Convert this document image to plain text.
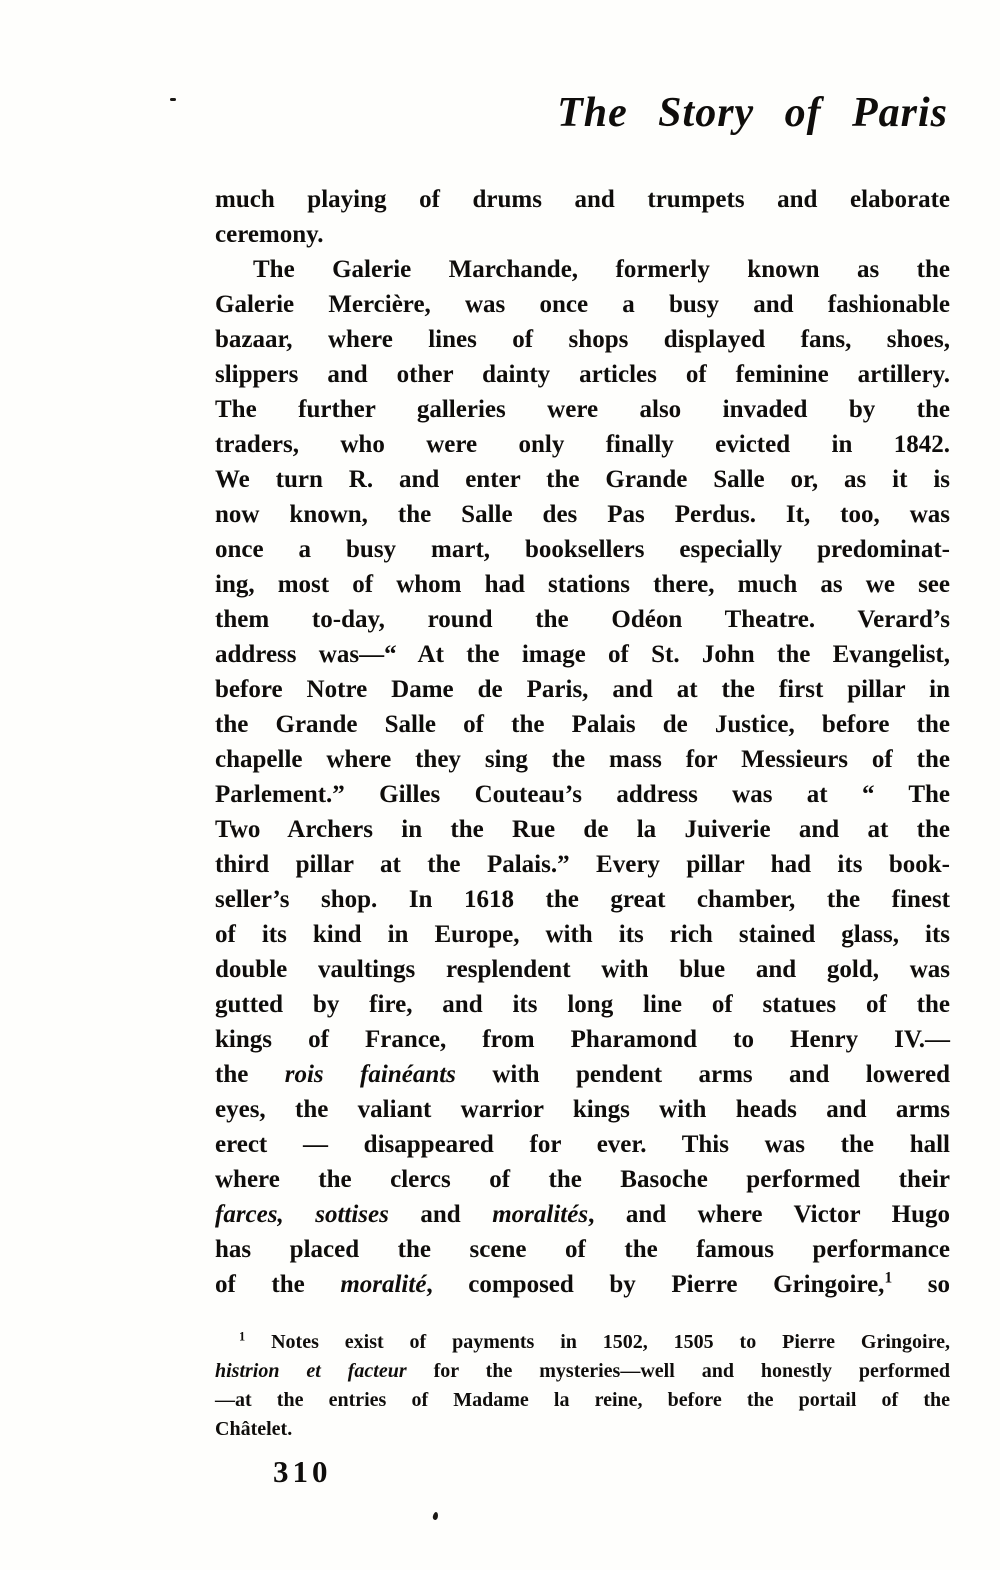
The Story of Paris
much playing of drums and trumpets and elaborate
ceremony.
The Galerie Marchande, formerly known as the
Galerie Mercière, was once a busy and fashionable
bazaar, where lines of shops displayed fans, shoes,
slippers and other dainty articles of feminine artillery.
The further galleries were also invaded by the
traders, who were only finally evicted in 1842.
We turn R. and enter the Grande Salle or, as it is
now known, the Salle des Pas Perdus. It, too, was
once a busy mart, booksellers especially predominat-
ing, most of whom had stations there, much as we see
them to-day, round the Odéon Theatre. Verard’s
address was—“ At the image of St. John the Evangelist,
before Notre Dame de Paris, and at the first pillar in
the Grande Salle of the Palais de Justice, before the
chapelle where they sing the mass for Messieurs of the
Parlement.” Gilles Couteau’s address was at “ The
Two Archers in the Rue de la Juiverie and at the
third pillar at the Palais.” Every pillar had its book-
seller’s shop. In 1618 the great chamber, the finest
of its kind in Europe, with its rich stained glass, its
double vaultings resplendent with blue and gold, was
gutted by fire, and its long line of statues of the
kings of France, from Pharamond to Henry IV.—
the rois fainéants with pendent arms and lowered
eyes, the valiant warrior kings with heads and arms
erect — disappeared for ever. This was the hall
where the clercs of the Basoche performed their
farces, sottises and moralités, and where Victor Hugo
has placed the scene of the famous performance
of the moralité, composed by Pierre Gringoire,$^1$ so
$^1$ Notes exist of payments in 1502, 1505 to Pierre Gringoire,
histrion et facteur for the mysteries—well and honestly performed
—at the entries of Madame la reine, before the portail of the
Châtelet.
310
